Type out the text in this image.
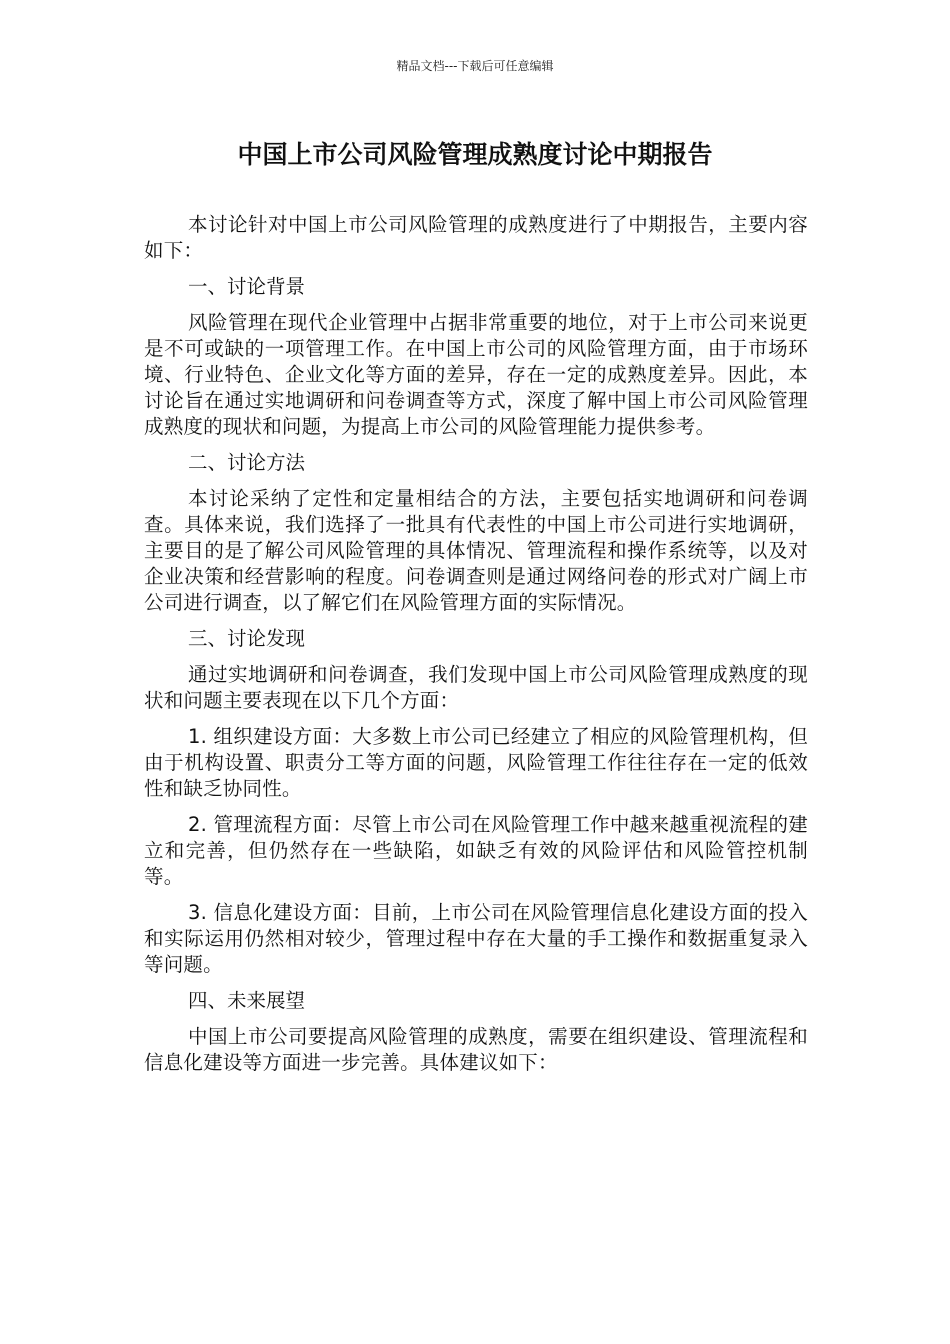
精品文档---下载后可任意编辑
中国上市公司风险管理成熟度讨论中期报告

本讨论针对中国上市公司风险管理的成熟度进行了中期报告，主要内容如下：

一、讨论背景

风险管理在现代企业管理中占据非常重要的地位，对于上市公司来说更是不可或缺的一项管理工作。在中国上市公司的风险管理方面，由于市场环境、行业特色、企业文化等方面的差异，存在一定的成熟度差异。因此，本讨论旨在通过实地调研和问卷调查等方式，深度了解中国上市公司风险管理成熟度的现状和问题，为提高上市公司的风险管理能力提供参考。

二、讨论方法

本讨论采纳了定性和定量相结合的方法，主要包括实地调研和问卷调查。具体来说，我们选择了一批具有代表性的中国上市公司进行实地调研，主要目的是了解公司风险管理的具体情况、管理流程和操作系统等，以及对企业决策和经营影响的程度。问卷调查则是通过网络问卷的形式对广阔上市公司进行调查，以了解它们在风险管理方面的实际情况。

三、讨论发现

通过实地调研和问卷调查，我们发现中国上市公司风险管理成熟度的现状和问题主要表现在以下几个方面：

1. 组织建设方面：大多数上市公司已经建立了相应的风险管理机构，但由于机构设置、职责分工等方面的问题，风险管理工作往往存在一定的低效性和缺乏协同性。

2. 管理流程方面：尽管上市公司在风险管理工作中越来越重视流程的建立和完善，但仍然存在一些缺陷，如缺乏有效的风险评估和风险管控机制等。

3. 信息化建设方面：目前，上市公司在风险管理信息化建设方面的投入和实际运用仍然相对较少，管理过程中存在大量的手工操作和数据重复录入等问题。

四、未来展望

中国上市公司要提高风险管理的成熟度，需要在组织建设、管理流程和信息化建设等方面进一步完善。具体建议如下：
